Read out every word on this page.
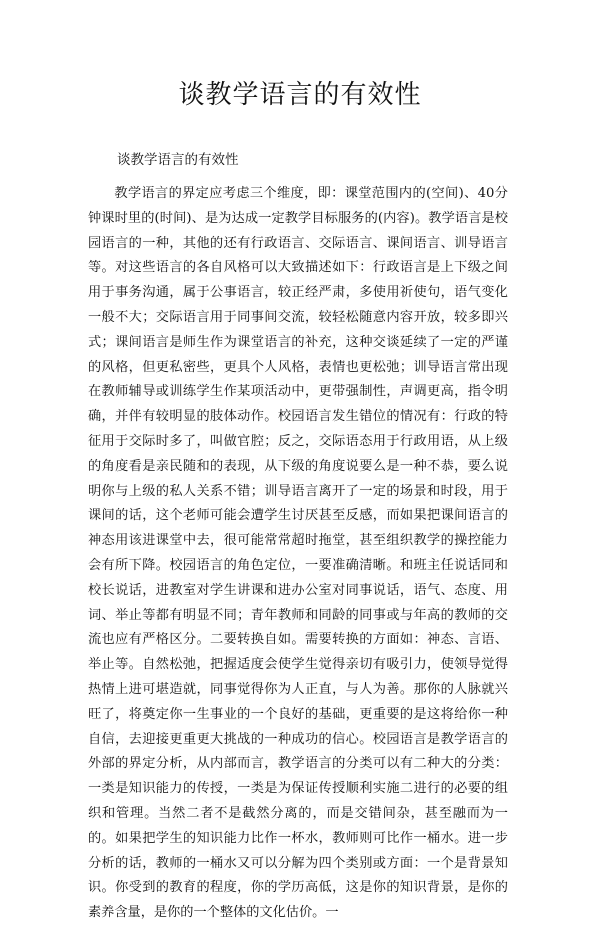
谈教学语言的有效性
谈教学语言的有效性

教学语言的界定应考虑三个维度，即：课堂范围内的(空间)、40分钟课时里的(时间)、是为达成一定教学目标服务的(内容)。教学语言是校园语言的一种，其他的还有行政语言、交际语言、课间语言、训导语言等。对这些语言的各自风格可以大致描述如下：行政语言是上下级之间用于事务沟通，属于公事语言，较正经严肃，多使用祈使句，语气变化一般不大；交际语言用于同事间交流，较轻松随意内容开放，较多即兴式；课间语言是师生作为课堂语言的补充，这种交谈延续了一定的严谨的风格，但更私密些，更具个人风格，表情也更松弛；训导语言常出现在教师辅导或训练学生作某项活动中，更带强制性，声调更高，指令明确，并伴有较明显的肢体动作。校园语言发生错位的情况有：行政的特征用于交际时多了，叫做官腔；反之，交际语态用于行政用语，从上级的角度看是亲民随和的表现，从下级的角度说要么是一种不恭，要么说明你与上级的私人关系不错；训导语言离开了一定的场景和时段，用于课间的话，这个老师可能会遭学生讨厌甚至反感，而如果把课间语言的神态用该进课堂中去，很可能常常超时拖堂，甚至组织教学的操控能力会有所下降。校园语言的角色定位，一要准确清晰。和班主任说话同和校长说话，进教室对学生讲课和进办公室对同事说话，语气、态度、用词、举止等都有明显不同；青年教师和同龄的同事或与年高的教师的交流也应有严格区分。二要转换自如。需要转换的方面如：神态、言语、举止等。自然松弛，把握适度会使学生觉得亲切有吸引力，使领导觉得热情上进可堪造就，同事觉得你为人正直，与人为善。那你的人脉就兴旺了，将奠定你一生事业的一个良好的基础，更重要的是这将给你一种自信，去迎接更重更大挑战的一种成功的信心。校园语言是教学语言的外部的界定分析，从内部而言，教学语言的分类可以有二种大的分类：一类是知识能力的传授，一类是为保证传授顺利实施二进行的必要的组织和管理。当然二者不是截然分离的，而是交错间杂，甚至融而为一的。如果把学生的知识能力比作一杯水，教师则可比作一桶水。进一步分析的话，教师的一桶水又可以分解为四个类别或方面：一个是背景知识。你受到的教育的程度，你的学历高低，这是你的知识背景，是你的素养含量，是你的一个整体的文化估价。一
